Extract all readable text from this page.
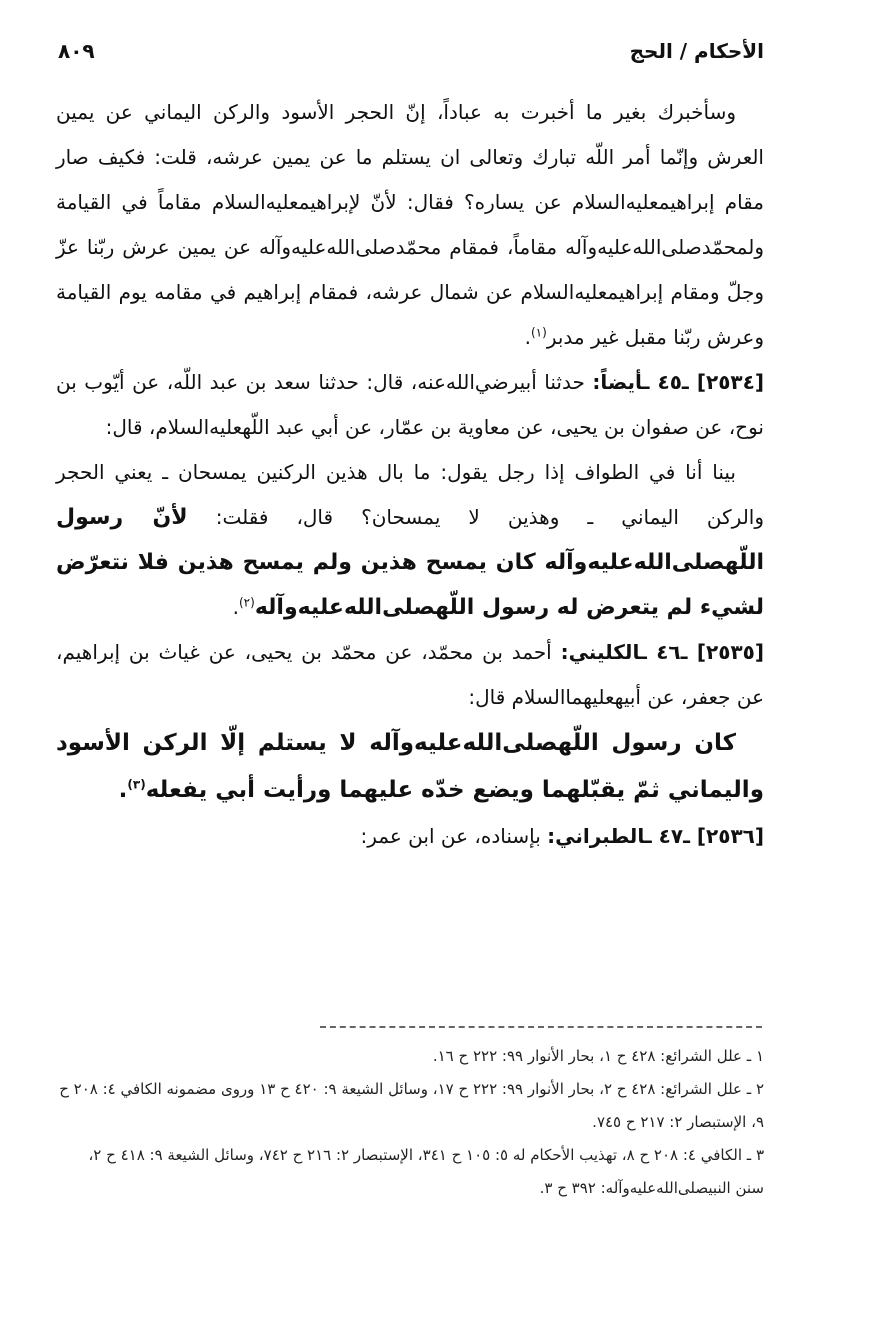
الأحكام / الحج
٨٠٩

وسأخبرك بغير ما أخبرت به عباداً، إنّ الحجر الأسود والركن اليماني عن يمين العرش وإنّما أمر اللّه تبارك وتعالى ان يستلم ما عن يمين عرشه، قلت: فكيف صار مقام إبراهيمعليه‌السلام عن يساره؟ فقال: لأنّ لإبراهيمعليه‌السلام مقاماً في القيامة ولمحمّدصلى‌الله‌عليه‌وآله مقاماً، فمقام محمّدصلى‌الله‌عليه‌وآله عن يمين عرش ربّنا عزّ وجلّ ومقام إبراهيمعليه‌السلام عن شمال عرشه، فمقام إبراهيم في مقامه يوم القيامة وعرش ربّنا مقبل غير مدبر$^{(١)}$.

[٢٥٣٤] ـ٤٥ ـأيضاً: حدثنا أبيرضي‌الله‌عنه، قال: حدثنا سعد بن عبد اللّه، عن أيّوب بن نوح، عن صفوان بن يحيى، عن معاوية بن عمّار، عن أبي عبد اللّهعليه‌السلام، قال:

بينا أنا في الطواف إذا رجل يقول: ما بال هذين الركنين يمسحان ـ يعني الحجر والركن اليماني ـ وهذين لا يمسحان؟ قال، فقلت: لأنّ رسول اللّهصلى‌الله‌عليه‌وآله كان يمسح هذين ولم يمسح هذين فلا نتعرّض لشيء لم يتعرض له رسول اللّهصلى‌الله‌عليه‌وآله$^{(٢)}$.

[٢٥٣٥] ـ٤٦ ـالكليني: أحمد بن محمّد، عن محمّد بن يحيى، عن غياث بن إبراهيم، عن جعفر، عن أبيهعليهما‌السلام قال:

كان رسول اللّهصلى‌الله‌عليه‌وآله لا يستلم إلّا الركن الأسود واليماني ثمّ يقبّلهما ويضع خدّه عليهما ورأيت أبي يفعله$^{(٣)}$.

[٢٥٣٦] ـ٤٧ ـالطبراني: بإسناده، عن ابن عمر:

١ ـ علل الشرائع: ٤٢٨ ح ١، بحار الأنوار ٩٩: ٢٢٢ ح ١٦.

٢ ـ علل الشرائع: ٤٢٨ ح ٢، بحار الأنوار ٩٩: ٢٢٢ ح ١٧، وسائل الشيعة ٩: ٤٢٠ ح ١٣ وروى مضمونه الكافي ٤: ٢٠٨ ح ٩، الإستبصار ٢: ٢١٧ ح ٧٤٥.

٣ ـ الكافي ٤: ٢٠٨ ح ٨، تهذيب الأحكام له ٥: ١٠٥ ح ٣٤١، الإستبصار ٢: ٢١٦ ح ٧٤٢، وسائل الشيعة ٩: ٤١٨ ح ٢، سنن النبيصلى‌الله‌عليه‌وآله: ٣٩٢ ح ٣.
